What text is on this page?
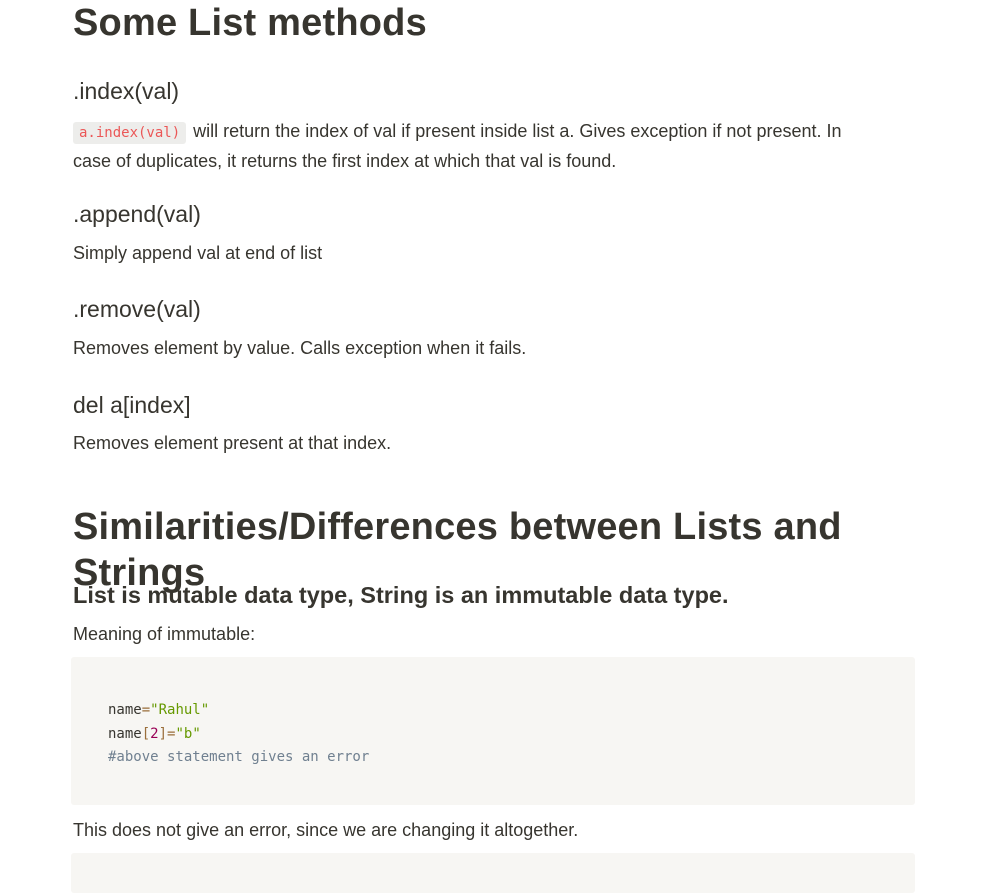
Some List methods
.index(val)

a.index(val) will return the index of val if present inside list a. Gives exception if not present. In
case of duplicates, it returns the first index at which that val is found.

.append(val)

Simply append val at end of list

.remove(val)

Removes element by value. Calls exception when it fails.

del a[index]

Removes element present at that index.

Similarities/Differences between Lists and Strings
List is mutable data type, String is an immutable data type.

Meaning of immutable:

name="Rahul"
name[2]="b"
#above statement gives an error

This does not give an error, since we are changing it altogether.
